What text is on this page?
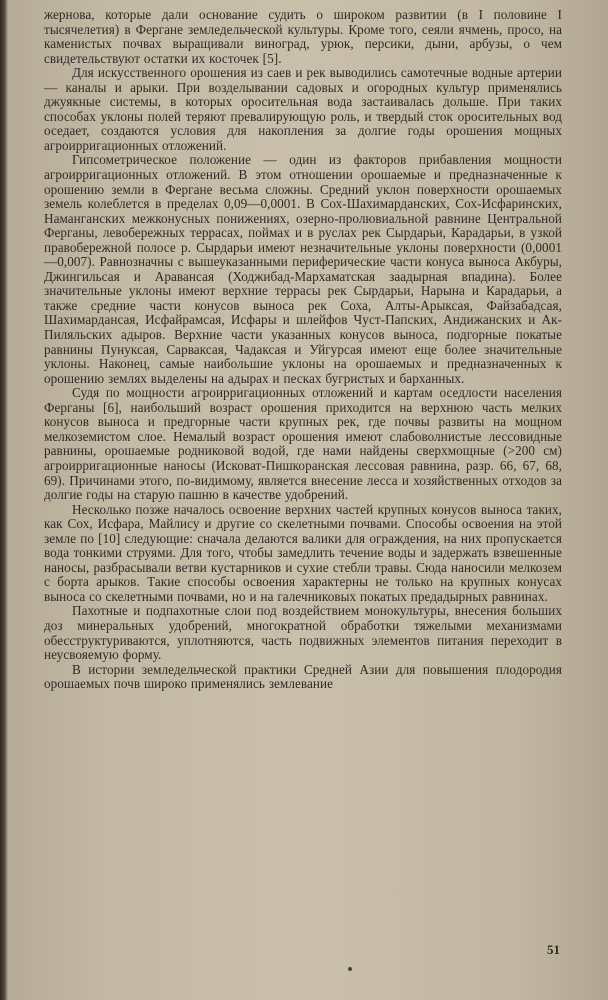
жернова, которые дали основание судить о широком развитии (в I половине I тысячелетия) в Фергане земледельческой культуры. Кроме того, сеяли ячмень, просо, на каменистых почвах выращивали виноград, урюк, персики, дыни, арбузы, о чем свидетельствуют остатки их косточек [5].

Для искусственного орошения из саев и рек выводились самотечные водные артерии — каналы и арыки. При возделывании садовых и огородных культур применялись джуякные системы, в которых оросительная вода застаивалась дольше. При таких способах уклоны полей теряют превалирующую роль, и твердый сток оросительных вод оседает, создаются условия для накопления за долгие годы орошения мощных агроирригационных отложений.

Гипсометрическое положение — один из факторов прибавления мощности агроирригационных отложений. В этом отношении орошаемые и предназначенные к орошению земли в Фергане весьма сложны. Средний уклон поверхности орошаемых земель колеблется в пределах 0,09—0,0001. В Сох-Шахимарданских, Сох-Исфаринских, Наманганских межконусных понижениях, озерно-пролювиальной равнине Центральной Ферганы, левобережных террасах, поймах и в руслах рек Сырдарьи, Карадарьи, в узкой правобережной полосе р. Сырдарьи имеют незначительные уклоны поверхности (0,0001—0,007). Равнозначны с вышеуказанными периферические части конуса выноса Акбуры, Джингильсая и Аравансая (Ходжибад-Мархаматская заадырная впадина). Более значительные уклоны имеют верхние террасы рек Сырдарьи, Нарына и Карадарьи, а также средние части конусов выноса рек Соха, Алты-Арыксая, Файзабадсая, Шахимардансая, Исфайрамсая, Исфары и шлейфов Чуст-Папских, Андижанских и Ак-Пиляльских адыров. Верхние части указанных конусов выноса, подгорные покатые равнины Пунуксая, Сарваксая, Чадаксая и Уйгурсая имеют еще более значительные уклоны. Наконец, самые наибольшие уклоны на орошаемых и предназначенных к орошению землях выделены на адырах и песках бугристых и барханных.

Судя по мощности агроирригационных отложений и картам оседлости населения Ферганы [6], наибольший возраст орошения приходится на верхнюю часть мелких конусов выноса и предгорные части крупных рек, где почвы развиты на мощном мелкоземистом слое. Немалый возраст орошения имеют слабоволнистые лессовидные равнины, орошаемые родниковой водой, где нами найдены сверхмощные (>200 см) агроирригационные наносы (Исковат-Пишкоранская лессовая равнина, разр. 66, 67, 68, 69). Причинами этого, по-видимому, является внесение лесса и хозяйственных отходов за долгие годы на старую пашню в качестве удобрений.

Несколько позже началось освоение верхних частей крупных конусов выноса таких, как Сох, Исфара, Майлису и другие со скелетными почвами. Способы освоения на этой земле по [10] следующие: сначала делаются валики для ограждения, на них пропускается вода тонкими струями. Для того, чтобы замедлить течение воды и задержать взвешенные наносы, разбрасывали ветви кустарников и сухие стебли травы. Сюда наносили мелкозем с борта арыков. Такие способы освоения характерны не только на крупных конусах выноса со скелетными почвами, но и на галечниковых покатых предадырных равнинах.

Пахотные и подпахотные слои под воздействием монокультуры, внесения больших доз минеральных удобрений, многократной обработки тяжелыми механизмами обесструктуриваются, уплотняются, часть подвижных элементов питания переходит в неусвояемую форму.

В истории земледельческой практики Средней Азии для повышения плодородия орошаемых почв широко применялись землевание

51
